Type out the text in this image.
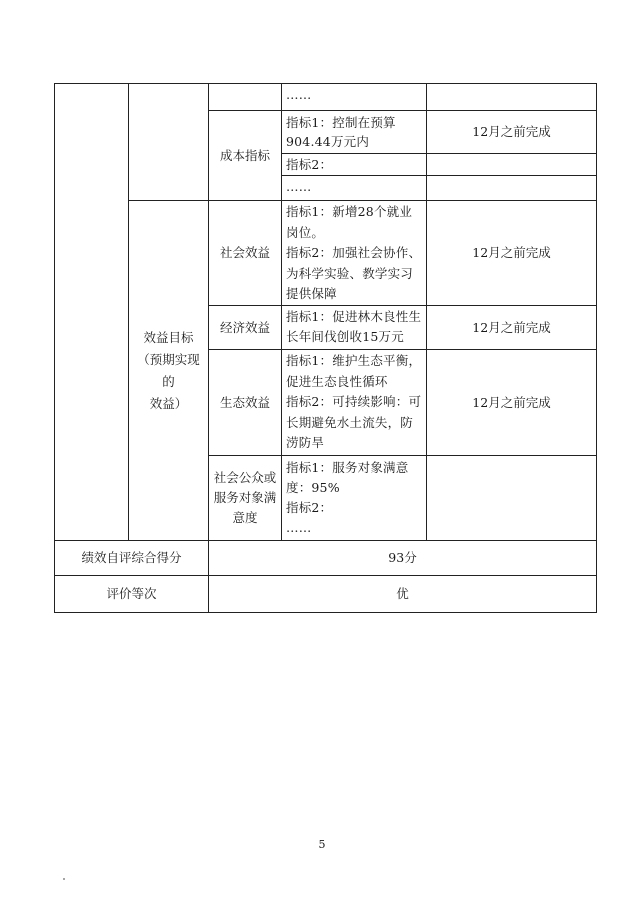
效益目标
（预期实现的
效益）
……
成本指标
指标1：控制在预算904.44万元内
12月之前完成
指标2：
……
社会效益
指标1：新增28个就业岗位。
指标2：加强社会协作、为科学实验、教学实习提供保障
12月之前完成
经济效益
指标1：促进林木良性生长年间伐创收15万元
12月之前完成
生态效益
指标1：维护生态平衡，促进生态良性循环
指标2：可持续影响：可长期避免水土流失，防涝防旱
12月之前完成
社会公众或
服务对象满
意度
指标1：服务对象满意度：95%
指标2：
……
绩效自评综合得分	93分
评价等次	优
5
